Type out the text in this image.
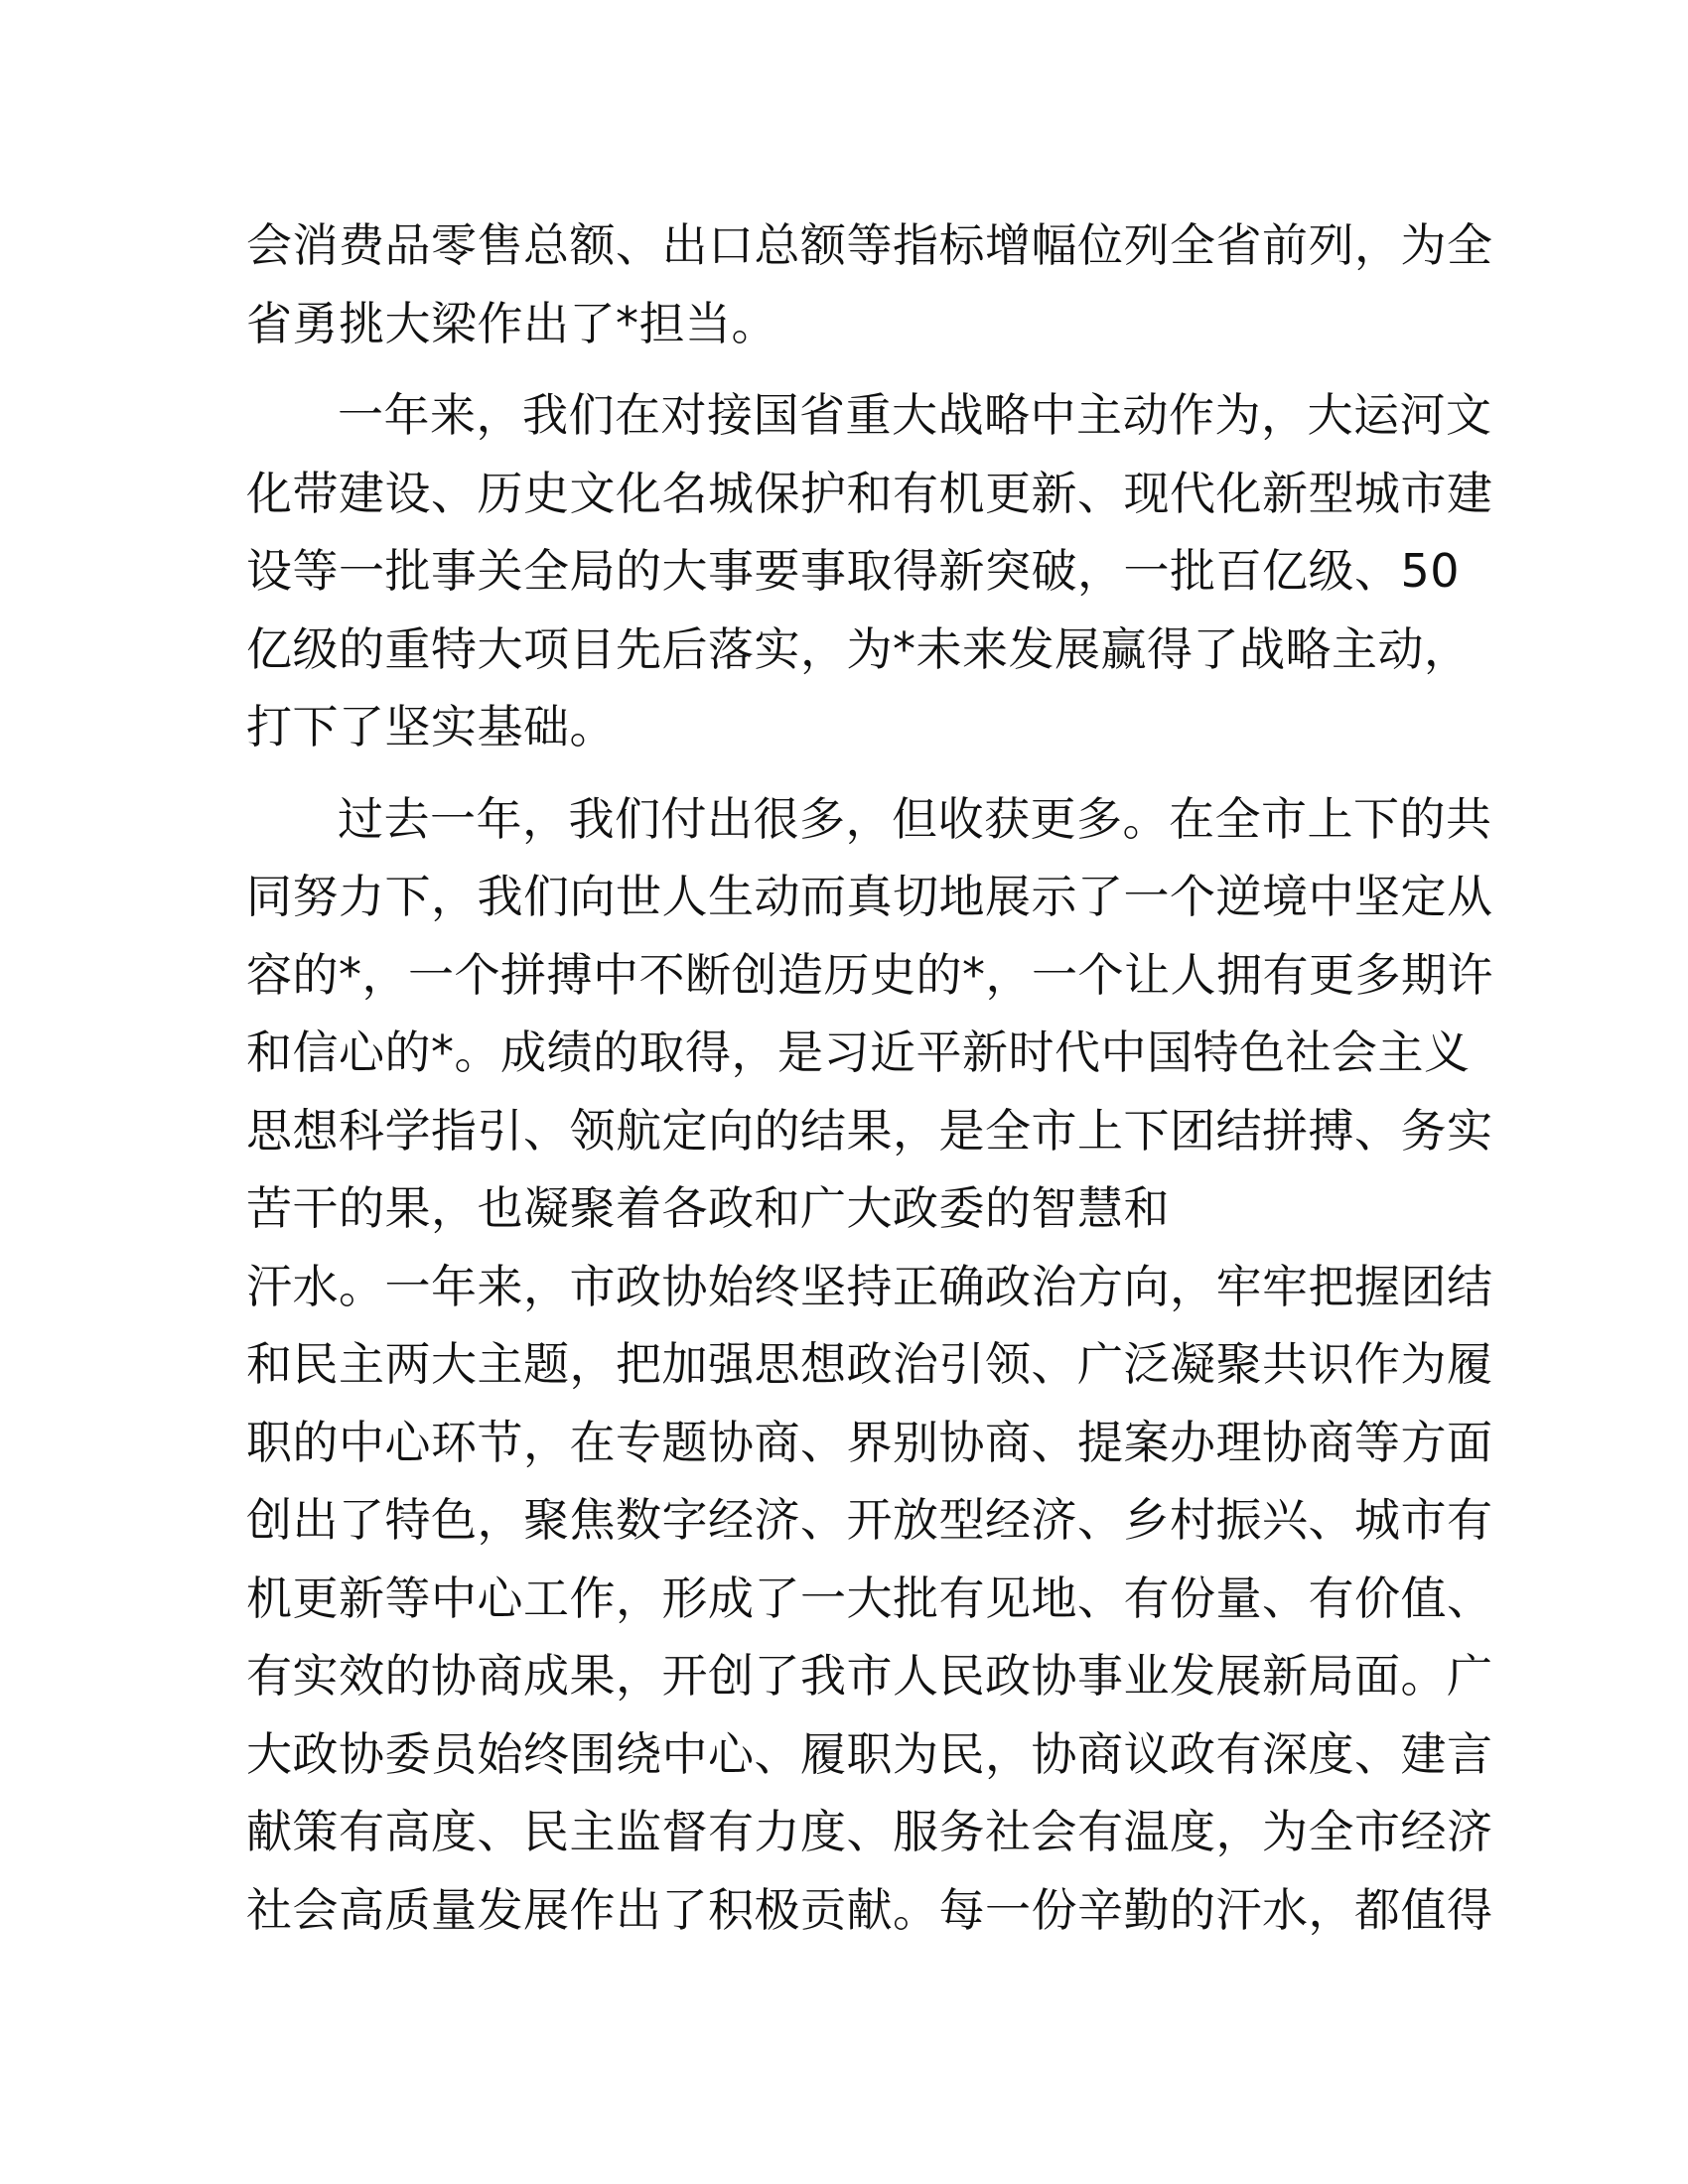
会消费品零售总额、出口总额等指标增幅位列全省前列，为全
省勇挑大梁作出了*担当。
一年来，我们在对接国省重大战略中主动作为，大运河文
化带建设、历史文化名城保护和有机更新、现代化新型城市建
设等一批事关全局的大事要事取得新突破，一批百亿级、50
亿级的重特大项目先后落实，为*未来发展赢得了战略主动，
打下了坚实基础。
过去一年，我们付出很多，但收获更多。在全市上下的共
同努力下，我们向世人生动而真切地展示了一个逆境中坚定从
容的*，一个拼搏中不断创造历史的*，一个让人拥有更多期许
和信心的*。成绩的取得，是习近平新时代中国特色社会主义
思想科学指引、领航定向的结果，是全市上下团结拼搏、务实
苦干的果，也凝聚着各政和广大政委的智慧和
汗水。一年来，市政协始终坚持正确政治方向，牢牢把握团结
和民主两大主题，把加强思想政治引领、广泛凝聚共识作为履
职的中心环节，在专题协商、界别协商、提案办理协商等方面
创出了特色，聚焦数字经济、开放型经济、乡村振兴、城市有
机更新等中心工作，形成了一大批有见地、有份量、有价值、
有实效的协商成果，开创了我市人民政协事业发展新局面。广
大政协委员始终围绕中心、履职为民，协商议政有深度、建言
献策有高度、民主监督有力度、服务社会有温度，为全市经济
社会高质量发展作出了积极贡献。每一份辛勤的汗水，都值得
